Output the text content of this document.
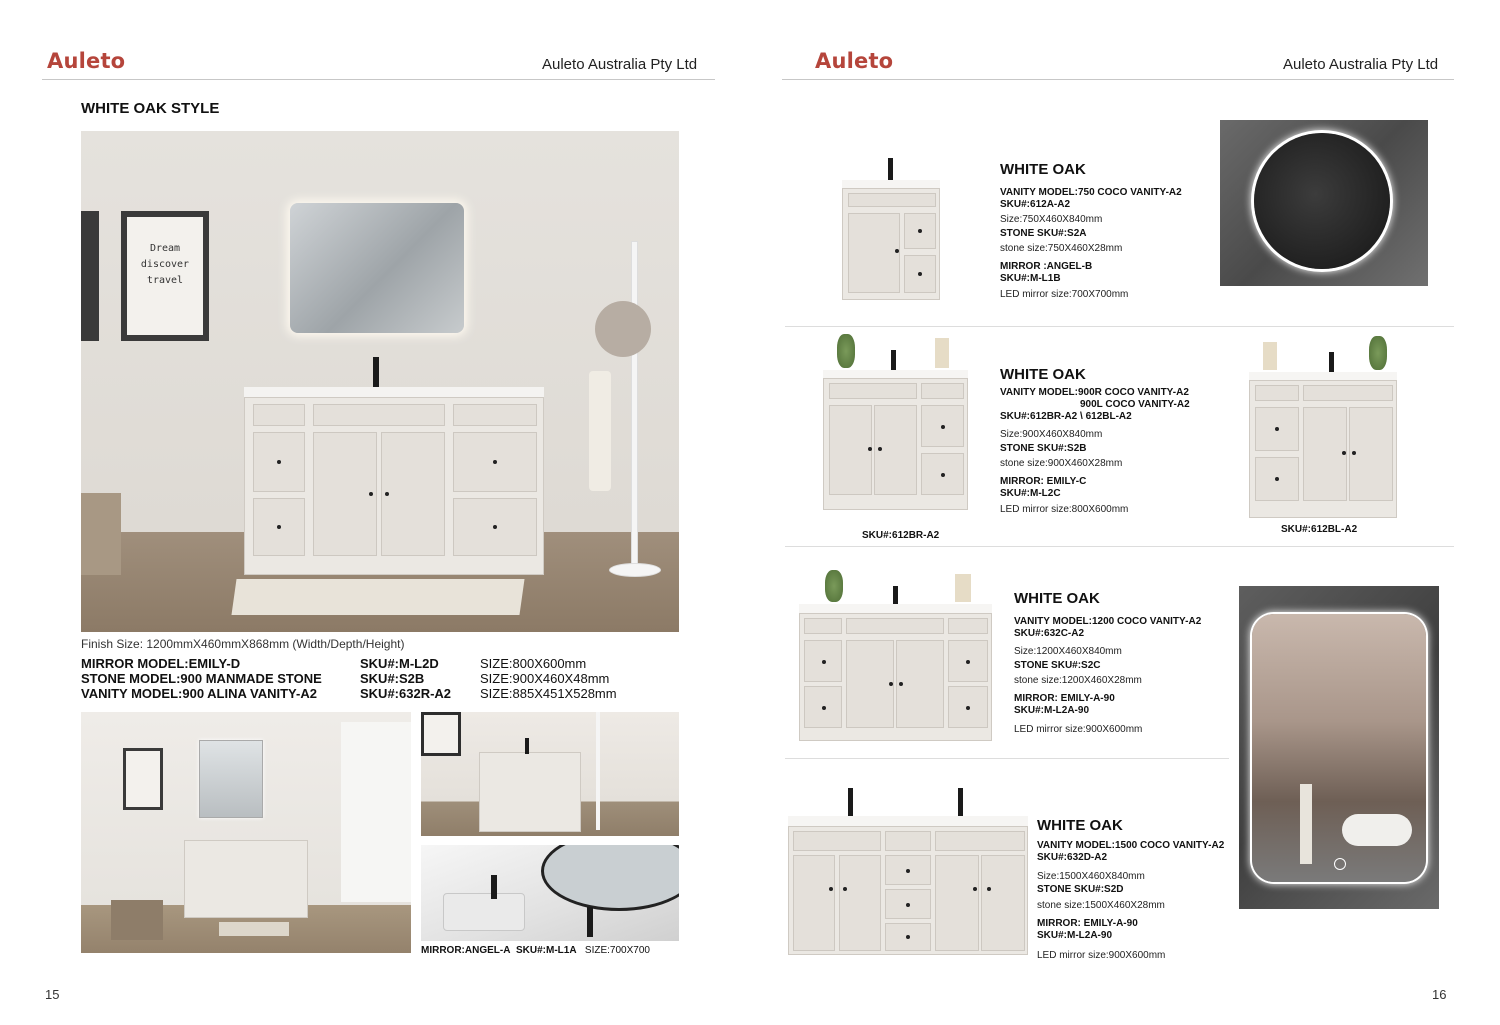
Auleto	Auleto Australia Pty Ltd
WHITE OAK STYLE
Dream
discover
travel
Finish Size: 1200mmX460mmX868mm (Width/Depth/Height)
MIRROR MODEL:EMILY-D	SKU#:M-L2D	SIZE:800X600mm
STONE MODEL:900 MANMADE STONE	SKU#:S2B	SIZE:900X460X48mm
VANITY MODEL:900 ALINA VANITY-A2	SKU#:632R-A2 SIZE:885X451X528mm
MIRROR:ANGEL-A SKU#:M-L1A SIZE:700X700
15
Auleto	Auleto Australia Pty Ltd
WHITE OAK
VANITY MODEL:750 COCO VANITY-A2
SKU#:612A-A2
Size:750X460X840mm
STONE SKU#:S2A
stone size:750X460X28mm
MIRROR :ANGEL-B
SKU#:M-L1B
LED mirror size:700X700mm
SKU#:612BR-A2
WHITE OAK
VANITY MODEL:900R COCO VANITY-A2
900L COCO VANITY-A2
SKU#:612BR-A2 \ 612BL-A2
Size:900X460X840mm
STONE SKU#:S2B
stone size:900X460X28mm
MIRROR: EMILY-C
SKU#:M-L2C
LED mirror size:800X600mm
SKU#:612BL-A2
WHITE OAK
VANITY MODEL:1200 COCO VANITY-A2
SKU#:632C-A2
Size:1200X460X840mm
STONE SKU#:S2C
stone size:1200X460X28mm
MIRROR: EMILY-A-90
SKU#:M-L2A-90
LED mirror size:900X600mm
WHITE OAK
VANITY MODEL:1500 COCO VANITY-A2
SKU#:632D-A2
Size:1500X460X840mm
STONE SKU#:S2D
stone size:1500X460X28mm
MIRROR: EMILY-A-90
SKU#:M-L2A-90
LED mirror size:900X600mm
16
